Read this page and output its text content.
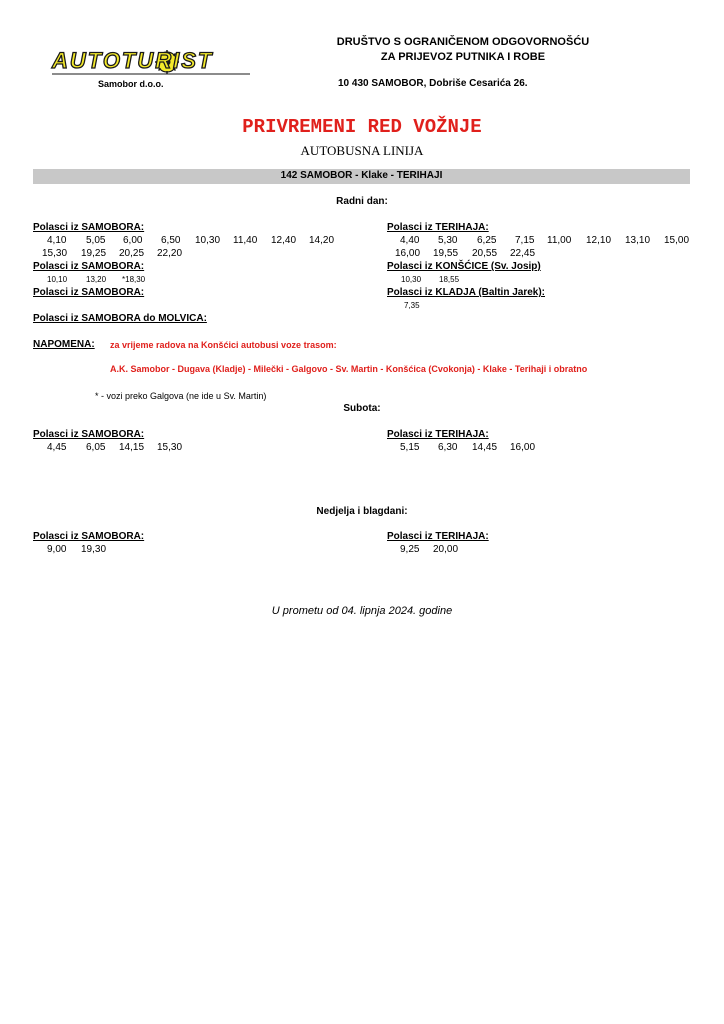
AUTOTURIST
Samobor d.o.o.
DRUŠTVO S OGRANIČENOM ODGOVORNOŠĆU
ZA PRIJEVOZ PUTNIKA I ROBE
10 430 SAMOBOR, Dobriše Cesarića 26.
PRIVREMENI RED VOŽNJE
AUTOBUSNA LINIJA
142 SAMOBOR - Klake - TERIHAJI
Radni dan:
Polasci iz SAMOBORA:
4,10 5,05 6,00 6,50 10,30 11,40 12,40 14,20
15,30 19,25 20,25 22,20
Polasci iz TERIHAJA:
4,40 5,30 6,25 7,15 11,00 12,10 13,10 15,00
16,00 19,55 20,55 22,45
Polasci iz SAMOBORA:
10,10 13,20 *18,30
Polasci iz KONŠĆICE (Sv. Josip)
10,30 18,55
Polasci iz SAMOBORA:	Polasci iz KLADJA (Baltin Jarek):
7,35
Polasci iz SAMOBORA do MOLVICA:
NAPOMENA: za vrijeme radova na Konšćici autobusi voze trasom:
A.K. Samobor - Dugava (Kladje) - Milečki - Galgovo - Sv. Martin - Konšćica (Cvokonja) - Klake - Terihaji i obratno
* - vozi preko Galgova (ne ide u Sv. Martin)
Subota:
Polasci iz SAMOBORA:
4,45 6,05 14,15 15,30
Polasci iz TERIHAJA:
5,15 6,30 14,45 16,00
Nedjelja i blagdani:
Polasci iz SAMOBORA:
9,00 19,30
Polasci iz TERIHAJA:
9,25 20,00
U prometu od 04. lipnja 2024. godine
